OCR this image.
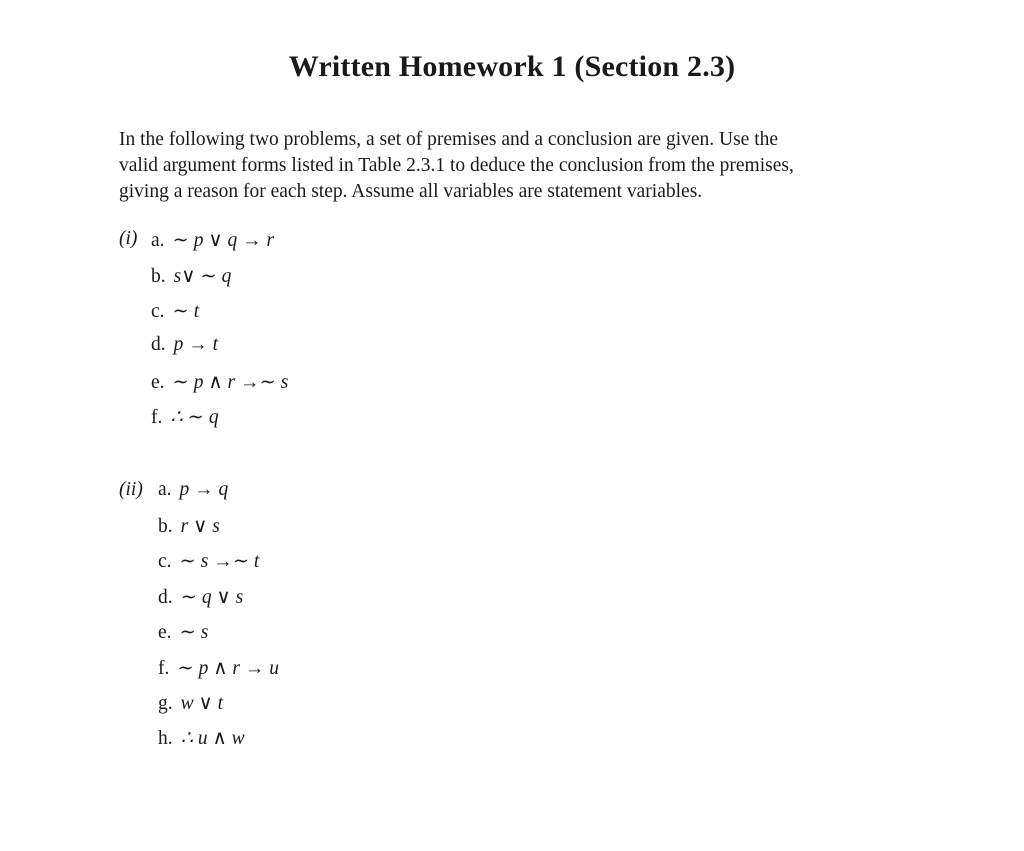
Written Homework 1 (Section 2.3)
In the following two problems, a set of premises and a conclusion are given. Use the
valid argument forms listed in Table 2.3.1 to deduce the conclusion from the premises,
giving a reason for each step. Assume all variables are statement variables.
(i) a. ∼ p ∨ q → r
b. s∨ ∼ q
c. ∼ t
d. p → t
e. ∼ p ∧ r →∼ s
f. ∴ ∼ q
(ii) a. p → q
b. r ∨ s
c. ∼ s →∼ t
d. ∼ q ∨ s
e. ∼ s
f. ∼ p ∧ r → u
g. w ∨ t
h. ∴ u ∧ w
